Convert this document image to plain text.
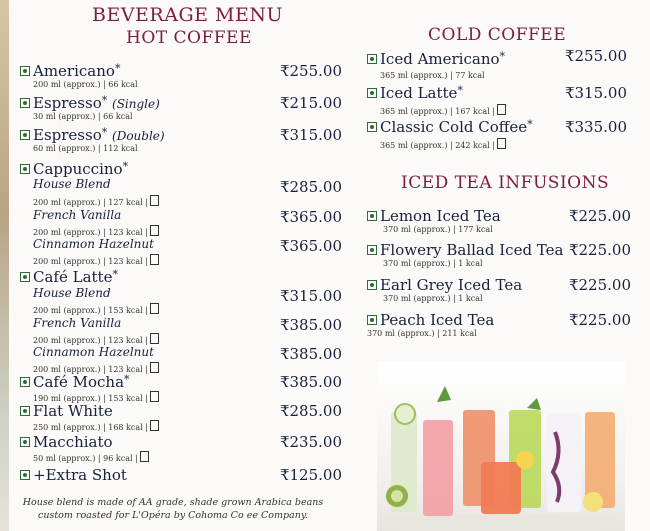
BEVERAGE MENU
HOT COFFEE
Americano*	₹255.00
200 ml (approx.) | 66 kcal
Espresso* (Single)	₹215.00
30 ml (approx.) | 66 kcal
Espresso* (Double)	₹315.00
60 ml (approx.) | 112 kcal
Cappuccino*
House Blend	₹285.00
200 ml (approx.) | 127 kcal |
French Vanilla	₹365.00
200 ml (approx.) | 123 kcal |
Cinnamon Hazelnut	₹365.00
200 ml (approx.) | 123 kcal |
Café Latte*
House Blend	₹315.00
200 ml (approx.) | 153 kcal |
French Vanilla	₹385.00
200 ml (approx.) | 123 kcal |
Cinnamon Hazelnut	₹385.00
200 ml (approx.) | 123 kcal |
Café Mocha*	₹385.00
190 ml (approx.) | 153 kcal |
Flat White	₹285.00
250 ml (approx.) | 168 kcal |
Macchiato	₹235.00
50 ml (approx.) | 96 kcal |
+Extra Shot	₹125.00
House blend is made of AA grade, shade grown Arabica beans
custom roasted for L'Opéra by Cohoma Co ee Company.
COLD COFFEE
Iced Americano*	₹255.00
365 ml (approx.) | 77 kcal
Iced Latte*	₹315.00
365 ml (approx.) | 167 kcal |
Classic Cold Coffee* ₹335.00
365 ml (approx.) | 242 kcal |
ICED TEA INFUSIONS
Lemon Iced Tea	₹225.00
370 ml (approx.) | 177 kcal
Flowery Ballad Iced Tea ₹225.00
370 ml (approx.) | 1 kcal
Earl Grey Iced Tea	₹225.00
370 ml (approx.) | 1 kcal
Peach Iced Tea	₹225.00
370 ml (approx.) | 211 kcal
